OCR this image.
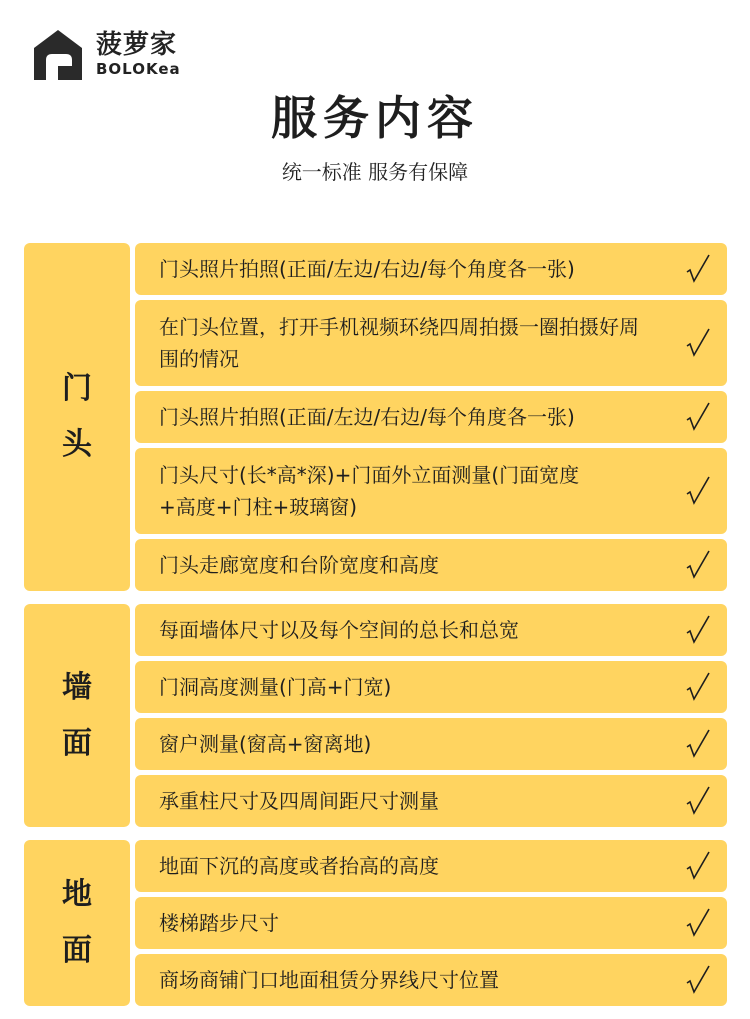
菠萝家
BOLOKea
服务内容
统一标准 服务有保障
门
头
门头照片拍照(正面/左边/右边/每个角度各一张)
在门头位置，打开手机视频环绕四周拍摄一圈拍摄好周围的情况
门头照片拍照(正面/左边/右边/每个角度各一张)
门头尺寸(长*高*深)+门面外立面测量(门面宽度+高度+门柱+玻璃窗)
门头走廊宽度和台阶宽度和高度
墙
面
每面墙体尺寸以及每个空间的总长和总宽
门洞高度测量(门高+门宽)
窗户测量(窗高+窗离地)
承重柱尺寸及四周间距尺寸测量
地
面
地面下沉的高度或者抬高的高度
楼梯踏步尺寸
商场商铺门口地面租赁分界线尺寸位置
